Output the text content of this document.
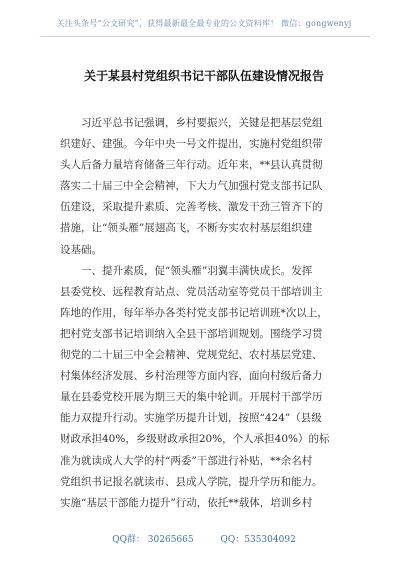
关注头条号“公文研究”，获得最新最全最专业的公文资料库！ 微信：gongwenyj
关于某县村党组织书记干部队伍建设情况报告
习近平总书记强调，乡村要振兴，关键是把基层党组
织建好、建强。今年中央一号文件提出，实施村党组织带
头人后备力量培育储备三年行动。近年来，**县认真贯彻
落实二十届三中全会精神，下大力气加强村党支部书记队
伍建设，采取提升素质、完善考核、激发干劲三管齐下的
措施，让“领头雁”展翅高飞，不断夯实农村基层组织建
设基础。
一、提升素质，促“领头雁”羽翼丰满快成长。发挥
县委党校、远程教育站点、党员活动室等党员干部培训主
阵地的作用，每年举办各类村党支部书记培训班*次以上，
把村党支部书记培训纳入全县干部培训规划。围绕学习贯
彻党的二十届三中全会精神、党规党纪、农村基层党建、
村集体经济发展、乡村治理等方面内容，面向村级后备力
量在县委党校开展为期三天的集中轮训。开展村干部学历
能力双提升行动。实施学历提升计划，按照“424”（县级
财政承担40%，乡级财政承担20%，个人承担40%）的标
准为就读成人大学的村“两委”干部进行补贴，**余名村
党组织书记报名就读市、县成人学院，提升学历和能力。
实施“基层干部能力提升”行动，依托**载体，培训乡村
QQ群： 30265665	QQ：535304092
